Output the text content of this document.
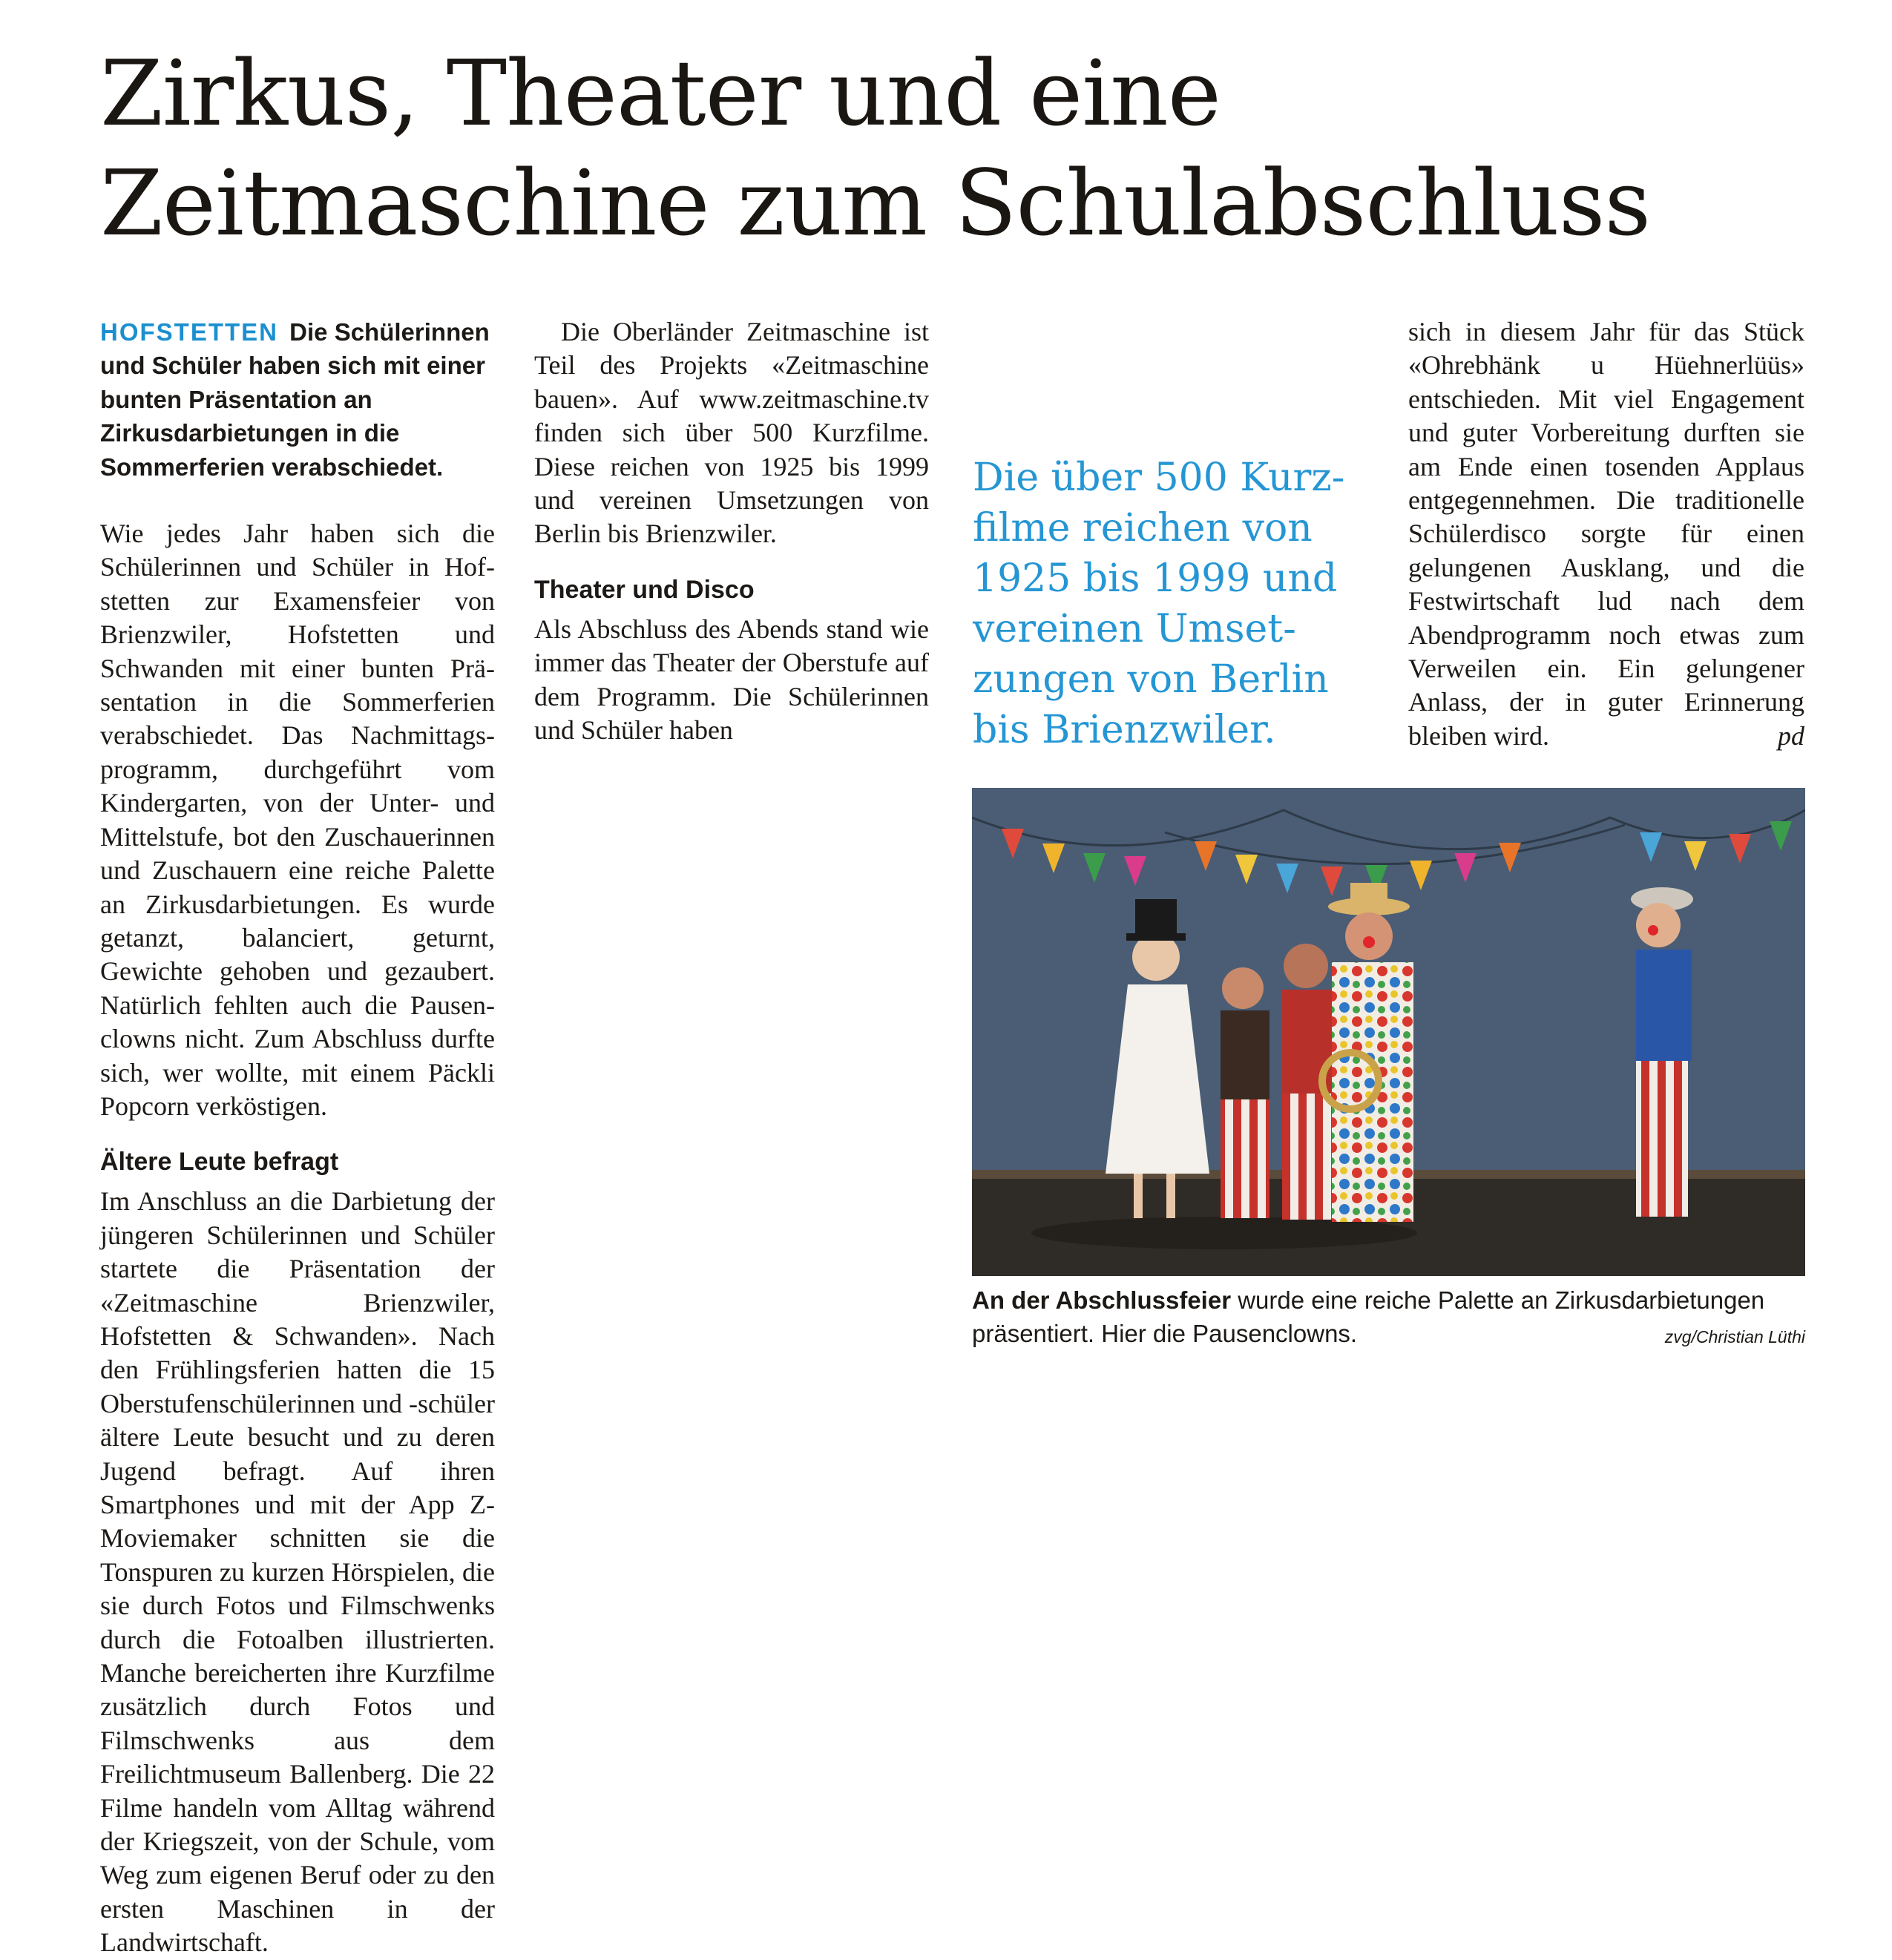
Zirkus, Theater und eine
Zeitmaschine zum Schulabschluss

HOFSTETTEN Die Schülerinnen und Schüler haben sich mit einer bunten Präsentation an Zirkusdarbietungen in die Sommerferien verabschiedet.

Wie jedes Jahr haben sich die Schülerinnen und Schüler in Hofstetten zur Examensfeier von Brienzwiler, Hofstetten und Schwanden mit einer bunten Präsentation in die Sommerferien verabschiedet. Das Nachmittagsprogramm, durchgeführt vom Kindergarten, von der Unter- und Mittelstufe, bot den Zuschauerinnen und Zuschauern eine reiche Palette an Zirkusdarbietungen. Es wurde getanzt, balanciert, geturnt, Gewichte gehoben und gezaubert. Natürlich fehlten auch die Pausenclowns nicht. Zum Abschluss durfte sich, wer wollte, mit einem Päckli Popcorn verköstigen.

Ältere Leute befragt

Im Anschluss an die Darbietung der jüngeren Schülerinnen und Schüler startete die Präsentation der «Zeitmaschine Brienzwiler, Hofstetten & Schwanden». Nach den Frühlingsferien hatten die 15 Oberstufenschülerinnen und -schüler ältere Leute besucht und zu deren Jugend befragt. Auf ihren Smartphones und mit der App Z-Moviemaker schnitten sie die Tonspuren zu kurzen Hörspielen, die sie durch Fotos und Filmschwenks durch die Fotoalben illustrierten. Manche bereicherten ihre Kurzfilme zusätzlich durch Fotos und Filmschwenks aus dem Freilichtmuseum Ballenberg. Die 22 Filme handeln vom Alltag während der Kriegszeit, von der Schule, vom Weg zum eigenen Beruf oder zu den ersten Maschinen in der Landwirtschaft.

Die Oberländer Zeitmaschine ist Teil des Projekts «Zeitmaschine bauen». Auf www.zeitmaschine.tv finden sich über 500 Kurzfilme. Diese reichen von 1925 bis 1999 und vereinen Umsetzungen von Berlin bis Brienzwiler.

Theater und Disco

Als Abschluss des Abends stand wie immer das Theater der Oberstufe auf dem Programm. Die Schülerinnen und Schüler haben

Die über 500 Kurzfilme reichen von 1925 bis 1999 und vereinen Umsetzungen von Berlin bis Brienzwiler.

sich in diesem Jahr für das Stück «Ohrebhänk u Hüehnerlüüs» entschieden. Mit viel Engagement und guter Vorbereitung durften sie am Ende einen tosenden Applaus entgegennehmen. Die traditionelle Schülerdisco sorgte für einen gelungenen Ausklang, und die Festwirtschaft lud nach dem Abendprogramm noch etwas zum Verweilen ein. Ein gelungener Anlass, der in guter Erinnerung bleiben wird.	pd

An der Abschlussfeier wurde eine reiche Palette an Zirkusdarbietungen präsentiert. Hier die Pausenclowns.	zvg/Christian Lüthi
